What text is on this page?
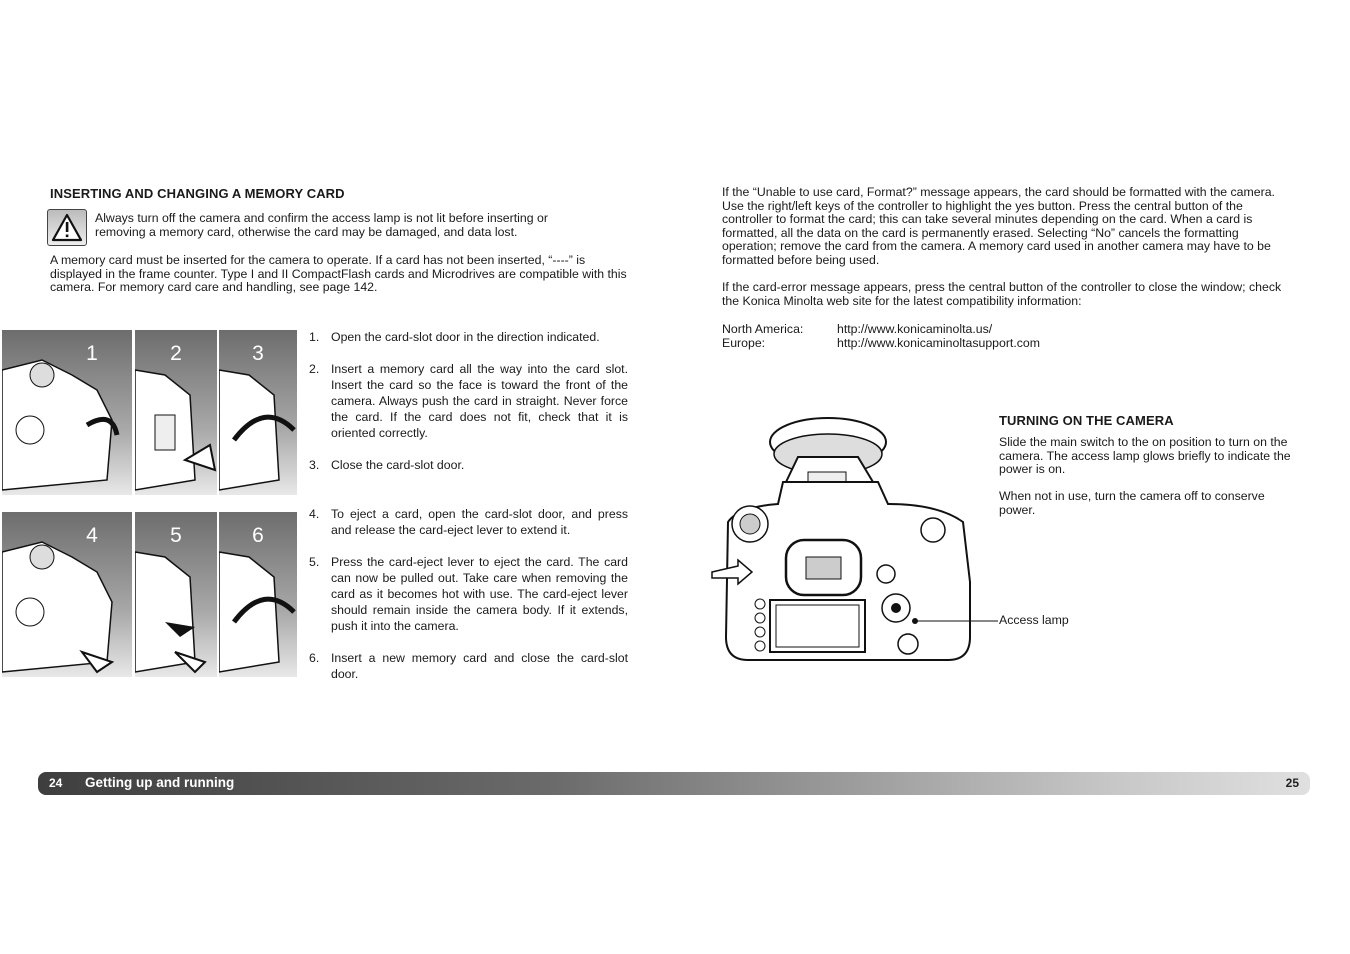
INSERTING AND CHANGING A MEMORY CARD
Always turn off the camera and confirm the access lamp is not lit before inserting or removing a memory card, otherwise the card may be damaged, and data lost.
A memory card must be inserted for the camera to operate. If a card has not been inserted, “----” is displayed in the frame counter. Type I and II CompactFlash cards and Microdrives are compatible with this camera. For memory card care and handling, see page 142.
1	2	3
4	5	6
1. Open the card-slot door in the direction indicated.
2. Insert a memory card all the way into the card slot. Insert the card so the face is toward the front of the camera. Always push the card in straight. Never force the card. If the card does not fit, check that it is oriented correctly.
3. Close the card-slot door.
4. To eject a card, open the card-slot door, and press and release the card-eject lever to extend it.
5. Press the card-eject lever to eject the card. The card can now be pulled out. Take care when removing the card as it becomes hot with use. The card-eject lever should remain inside the camera body. If it extends, push it into the camera.
6. Insert a new memory card and close the card-slot door.
If the “Unable to use card, Format?” message appears, the card should be formatted with the camera. Use the right/left keys of the controller to highlight the yes button. Press the central button of the controller to format the card; this can take several minutes depending on the card. When a card is formatted, all the data on the card is permanently erased. Selecting “No” cancels the formatting operation; remove the card from the camera. A memory card used in another camera may have to be formatted before being used.
If the card-error message appears, press the central button of the controller to close the window; check the Konica Minolta web site for the latest compatibility information:
North America:	http://www.konicaminolta.us/
Europe:	http://www.konicaminoltasupport.com
TURNING ON THE CAMERA
Slide the main switch to the on position to turn on the camera. The access lamp glows briefly to indicate the power is on.
When not in use, turn the camera off to conserve power.
Access lamp
24 Getting up and running	25
